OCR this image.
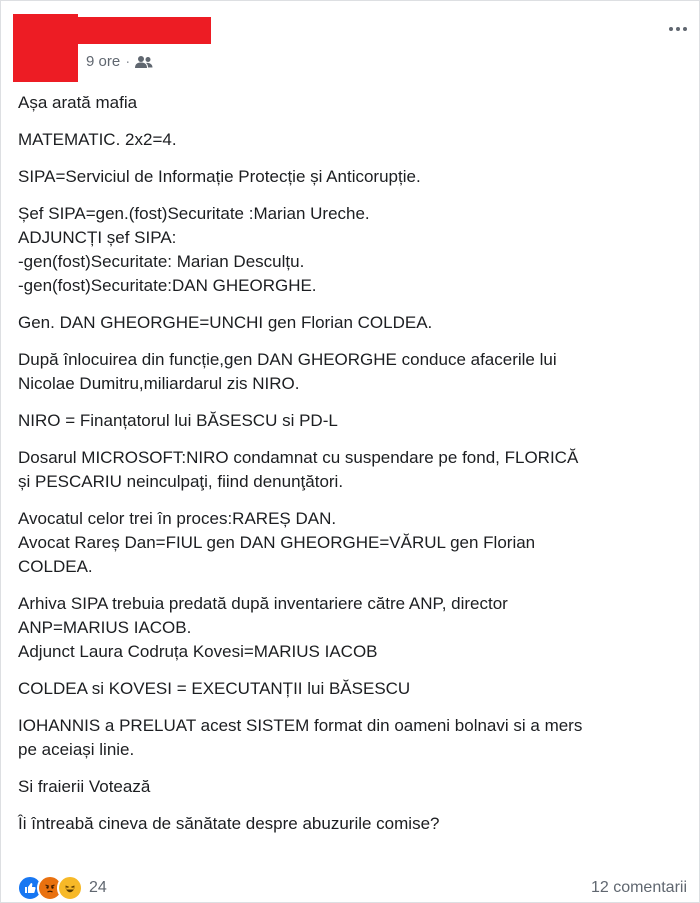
9 ore ·

Așa arată mafia

MATEMATIC. 2x2=4.

SIPA=Serviciul de Informație Protecție și Anticorupție.

Șef SIPA=gen.(fost)Securitate :Marian Ureche.
ADJUNCȚI șef SIPA:
-gen(fost)Securitate: Marian Desculțu.
-gen(fost)Securitate:DAN GHEORGHE.

Gen. DAN GHEORGHE=UNCHI gen Florian COLDEA.

După înlocuirea din funcție,gen DAN GHEORGHE conduce afacerile lui
Nicolae Dumitru,miliardarul zis NIRO.

NIRO = Finanțatorul lui BĂSESCU si PD-L

Dosarul MICROSOFT:NIRO condamnat cu suspendare pe fond, FLORICĂ
și PESCARIU neinculpaţi, fiind denunţători.

Avocatul celor trei în proces:RAREȘ DAN.
Avocat Rareș Dan=FIUL gen DAN GHEORGHE=VĂRUL gen Florian
COLDEA.

Arhiva SIPA trebuia predată după inventariere către ANP, director
ANP=MARIUS IACOB.
Adjunct Laura Codruța Kovesi=MARIUS IACOB

COLDEA si KOVESI = EXECUTANȚII lui BĂSESCU

IOHANNIS a PRELUAT acest SISTEM format din oameni bolnavi si a mers
pe aceiași linie.

Si fraierii Votează

Îi întreabă cineva de sănătate despre abuzurile comise?

24	12 comentarii
